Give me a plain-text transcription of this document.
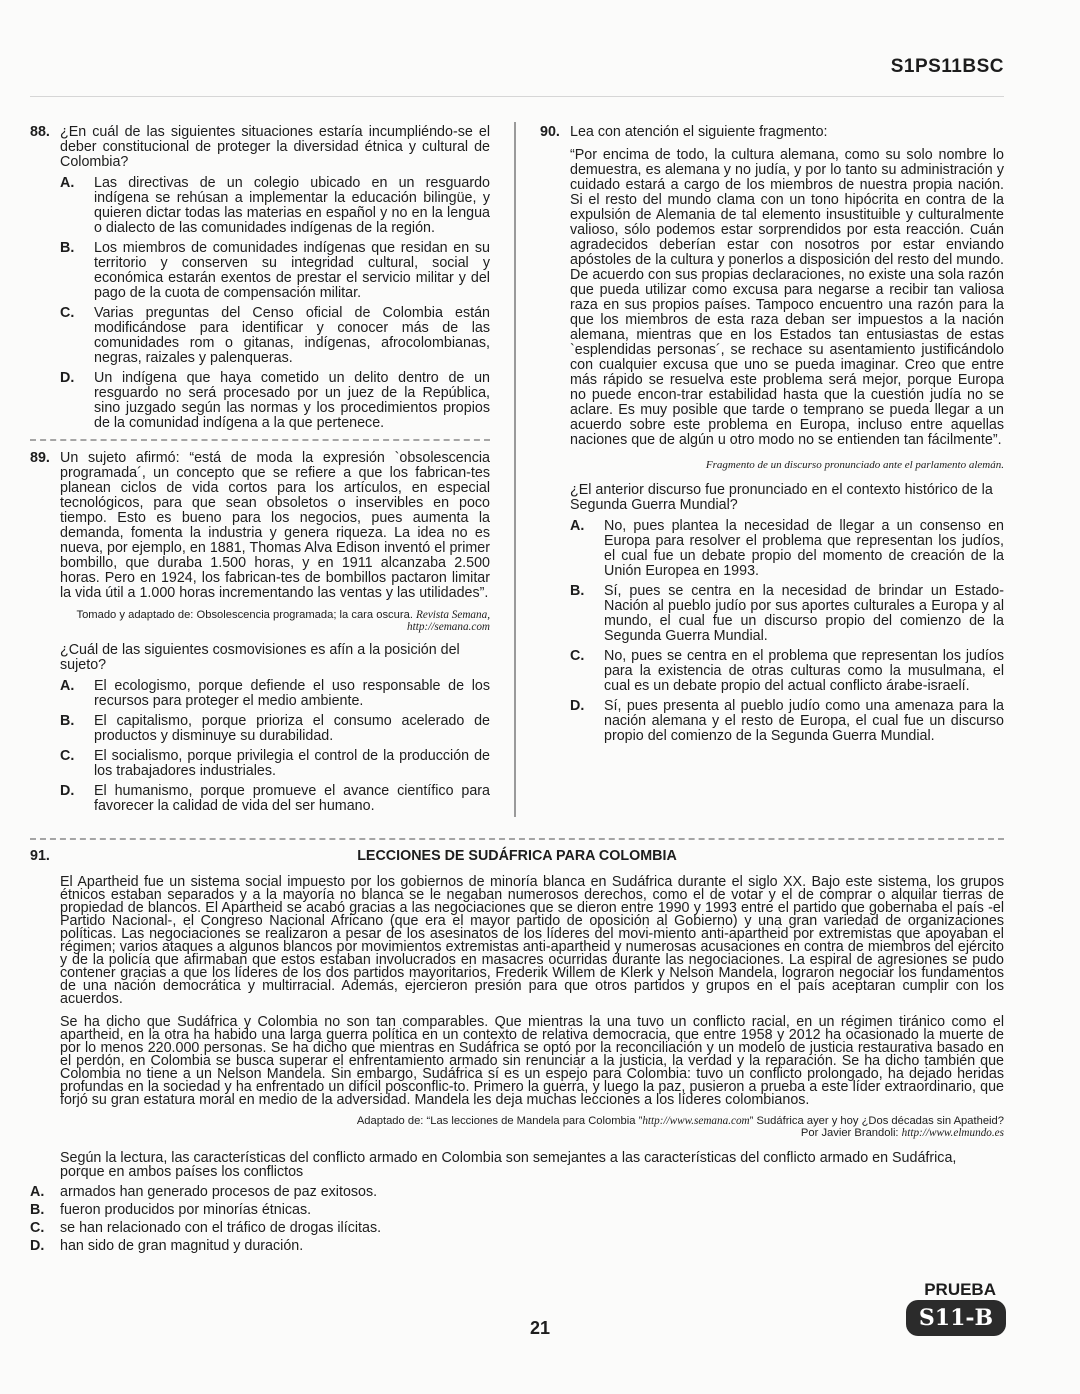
S1PS11BSC
88. ¿En cuál de las siguientes situaciones estaría incumpliéndo-se el deber constitucional de proteger la diversidad étnica y cultural de Colombia?
A. Las directivas de un colegio ubicado en un resguardo indígena se rehúsan a implementar la educación bilingüe, y quieren dictar todas las materias en español y no en la lengua o dialecto de las comunidades indígenas de la región.
B. Los miembros de comunidades indígenas que residan en su territorio y conserven su integridad cultural, social y económica estarán exentos de prestar el servicio militar y del pago de la cuota de compensación militar.
C. Varias preguntas del Censo oficial de Colombia están modificándose para identificar y conocer más de las comunidades rom o gitanas, indígenas, afrocolombianas, negras, raizales y palenqueras.
D. Un indígena que haya cometido un delito dentro de un resguardo no será procesado por un juez de la República, sino juzgado según las normas y los procedimientos propios de la comunidad indígena a la que pertenece.
89. Un sujeto afirmó: “está de moda la expresión `obsolescencia programada´, un concepto que se refiere a que los fabrican-tes planean ciclos de vida cortos para los artículos, en especial tecnológicos, para que sean obsoletos o inservibles en poco tiempo. Esto es bueno para los negocios, pues aumenta la demanda, fomenta la industria y genera riqueza. La idea no es nueva, por ejemplo, en 1881, Thomas Alva Edison inventó el primer bombillo, que duraba 1.500 horas, y en 1911 alcanzaba 2.500 horas. Pero en 1924, los fabrican-tes de bombillos pactaron limitar la vida útil a 1.000 horas incrementando las ventas y las utilidades”.
Tomado y adaptado de: Obsolescencia programada; la cara oscura. Revista Semana, http://semana.com
¿Cuál de las siguientes cosmovisiones es afín a la posición del sujeto?
A. El ecologismo, porque defiende el uso responsable de los recursos para proteger el medio ambiente.
B. El capitalismo, porque prioriza el consumo acelerado de productos y disminuye su durabilidad.
C. El socialismo, porque privilegia el control de la producción de los trabajadores industriales.
D. El humanismo, porque promueve el avance científico para favorecer la calidad de vida del ser humano.
90. Lea con atención el siguiente fragmento:
“Por encima de todo, la cultura alemana, como su solo nombre lo demuestra, es alemana y no judía, y por lo tanto su administración y cuidado estará a cargo de los miembros de nuestra propia nación. Si el resto del mundo clama con un tono hipócrita en contra de la expulsión de Alemania de tal elemento insustituible y culturalmente valioso, sólo podemos estar sorprendidos por esta reacción. Cuán agradecidos deberían estar con nosotros por estar enviando apóstoles de la cultura y ponerlos a disposición del resto del mundo. De acuerdo con sus propias declaraciones, no existe una sola razón que pueda utilizar como excusa para negarse a recibir tan valiosa raza en sus propios países. Tampoco encuentro una razón para la que los miembros de esta raza deban ser impuestos a la nación alemana, mientras que en los Estados tan entusiastas de estas `esplendidas personas´, se rechace su asentamiento justificándolo con cualquier excusa que uno se pueda imaginar. Creo que entre más rápido se resuelva este problema será mejor, porque Europa no puede encon-trar estabilidad hasta que la cuestión judía no se aclare. Es muy posible que tarde o temprano se pueda llegar a un acuerdo sobre este problema en Europa, incluso entre aquellas naciones que de algún u otro modo no se entienden tan fácilmente”.
Fragmento de un discurso pronunciado ante el parlamento alemán.
¿El anterior discurso fue pronunciado en el contexto histórico de la Segunda Guerra Mundial?
A. No, pues plantea la necesidad de llegar a un consenso en Europa para resolver el problema que representan los judíos, el cual fue un debate propio del momento de creación de la Unión Europea en 1993.
B. Sí, pues se centra en la necesidad de brindar un Estado-Nación al pueblo judío por sus aportes culturales a Europa y al mundo, el cual fue un discurso propio del comienzo de la Segunda Guerra Mundial.
C. No, pues se centra en el problema que representan los judíos para la existencia de otras culturas como la musulmana, el cual es un debate propio del actual conflicto árabe-israelí.
D. Sí, pues presenta al pueblo judío como una amenaza para la nación alemana y el resto de Europa, el cual fue un discurso propio del comienzo de la Segunda Guerra Mundial.
91.	LECCIONES DE SUDÁFRICA PARA COLOMBIA
El Apartheid fue un sistema social impuesto por los gobiernos de minoría blanca en Sudáfrica durante el siglo XX. Bajo este sistema, los grupos étnicos estaban separados y a la mayoría no blanca se le negaban numerosos derechos, como el de votar y el de comprar o alquilar tierras de propiedad de blancos. El Apartheid se acabó gracias a las negociaciones que se dieron entre 1990 y 1993 entre el partido que gobernaba el país -el Partido Nacional-, el Congreso Nacional Africano (que era el mayor partido de oposición al Gobierno) y una gran variedad de organizaciones políticas. Las negociaciones se realizaron a pesar de los asesinatos de los líderes del movi-miento anti-apartheid por extremistas que apoyaban el régimen; varios ataques a algunos blancos por movimientos extremistas anti-apartheid y numerosas acusaciones en contra de miembros del ejército y de la policía que afirmaban que estos estaban involucrados en masacres ocurridas durante las negociaciones. La espiral de agresiones se pudo contener gracias a que los líderes de los dos partidos mayoritarios, Frederik Willem de Klerk y Nelson Mandela, lograron negociar los fundamentos de una nación democrática y multirracial. Además, ejercieron presión para que otros partidos y grupos en el país aceptaran cumplir con los acuerdos.
Se ha dicho que Sudáfrica y Colombia no son tan comparables. Que mientras la una tuvo un conflicto racial, en un régimen tiránico como el apartheid, en la otra ha habido una larga guerra política en un contexto de relativa democracia, que entre 1958 y 2012 ha ocasionado la muerte de por lo menos 220.000 personas. Se ha dicho que mientras en Sudáfrica se optó por la reconciliación y un modelo de justicia restaurativa basado en el perdón, en Colombia se busca superar el enfrentamiento armado sin renunciar a la justicia, la verdad y la reparación. Se ha dicho también que Colombia no tiene a un Nelson Mandela. Sin embargo, Sudáfrica sí es un espejo para Colombia: tuvo un conflicto prolongado, ha dejado heridas profundas en la sociedad y ha enfrentado un difícil posconflic-to. Primero la guerra, y luego la paz, pusieron a prueba a este líder extraordinario, que forjó su gran estatura moral en medio de la adversidad. Mandela les deja muchas lecciones a los líderes colombianos.
Adaptado de: “Las lecciones de Mandela para Colombia ”http://www.semana.com” Sudáfrica ayer y hoy ¿Dos décadas sin Apatheid?
Por Javier Brandoli: http://www.elmundo.es
Según la lectura, las características del conflicto armado en Colombia son semejantes a las características del conflicto armado en Sudáfrica, porque en ambos países los conflictos
A. armados han generado procesos de paz exitosos.
B. fueron producidos por minorías étnicas.
C. se han relacionado con el tráfico de drogas ilícitas.
D. han sido de gran magnitud y duración.
21
PRUEBA
S11-B
